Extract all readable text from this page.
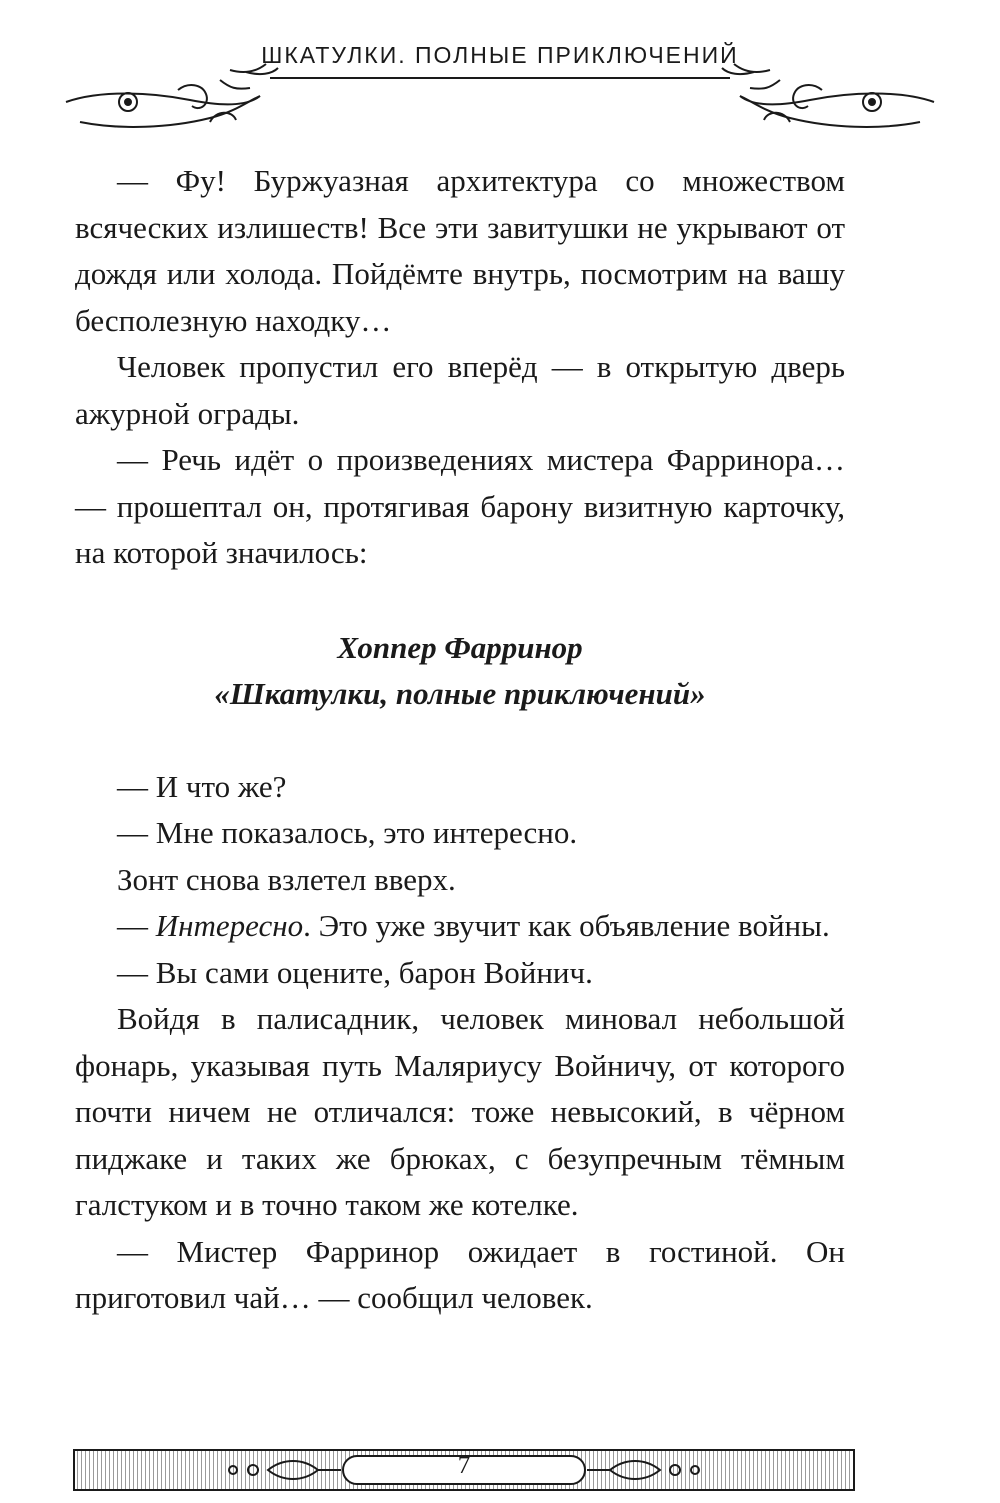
ШКАТУЛКИ. ПОЛНЫЕ ПРИКЛЮЧЕНИЙ

— Фу! Буржуазная архитектура со множеством всяческих излишеств! Все эти завитушки не укрывают от дождя или холода. Пойдёмте внутрь, посмотрим на вашу бесполезную находку…

Человек пропустил его вперёд — в открытую дверь ажурной ограды.

— Речь идёт о произведениях мистера Фарринора… — прошептал он, протягивая барону визитную карточку, на которой значилось:

Хоппер Фарринор
«Шкатулки, полные приключений»

— И что же?

— Мне показалось, это интересно.

Зонт снова взлетел вверх.

— Интересно. Это уже звучит как объявление войны.

— Вы сами оцените, барон Войнич.

Войдя в палисадник, человек миновал небольшой фонарь, указывая путь Маляриусу Войничу, от которого почти ничем не отличался: тоже невысокий, в чёрном пиджаке и таких же брюках, с безупречным тёмным галстуком и в точно таком же котелке.

— Мистер Фарринор ожидает в гостиной. Он приготовил чай… — сообщил человек.

7
